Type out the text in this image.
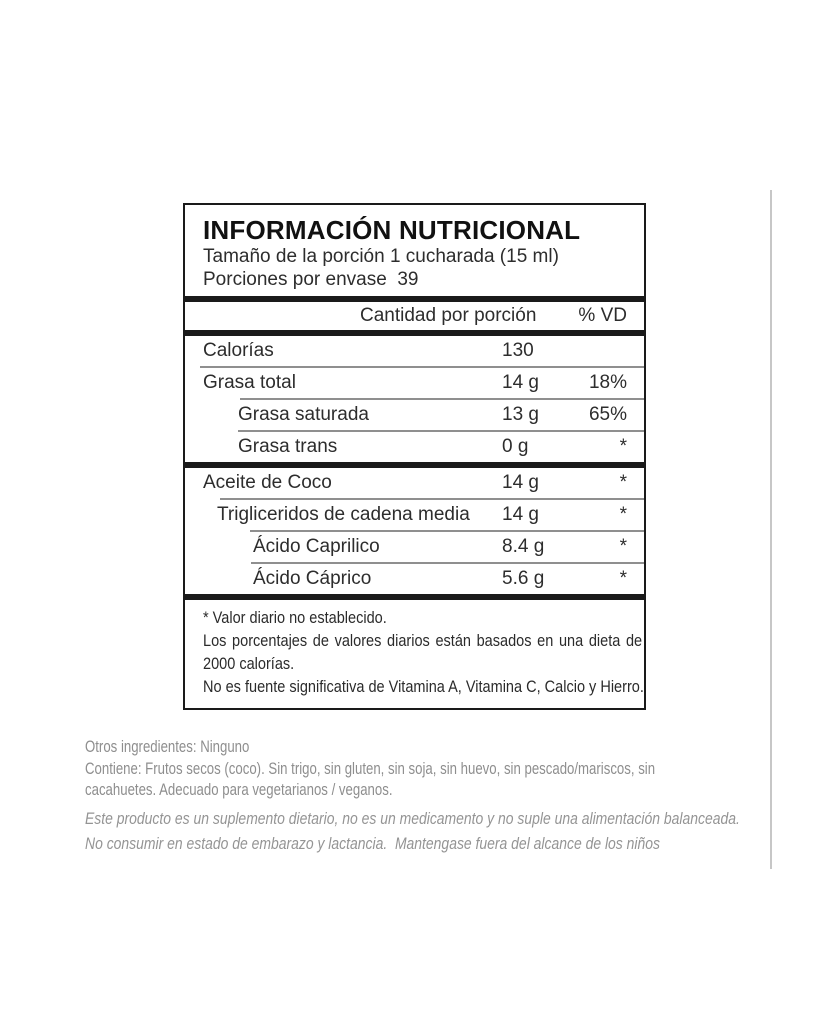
INFORMACIÓN NUTRICIONAL
Tamaño de la porción 1 cucharada (15 ml)
Porciones por envase  39
Cantidad por porción % VD
Calorías	130
Grasa total	14 g	18%
Grasa saturada	13 g	65%
Grasa trans	0 g	*
Aceite de Coco	14 g	*
Trigliceridos de cadena media 14 g	*
Ácido Caprilico	8.4 g	*
Ácido Cáprico	5.6 g	*

* Valor diario no establecido.

Los porcentajes de valores diarios están basados en una dieta de 2000 calorías.

No es fuente significativa de Vitamina A, Vitamina C, Calcio y Hierro.

Otros ingredientes: Ninguno

Contiene: Frutos secos (coco). Sin trigo, sin gluten, sin soja, sin huevo, sin pescado/mariscos, sin cacahuetes. Adecuado para vegetarianos / veganos.

Este producto es un suplemento dietario, no es un medicamento y no suple una alimentación balanceada.

No consumir en estado de embarazo y lactancia.  Mantengase fuera del alcance de los niños
